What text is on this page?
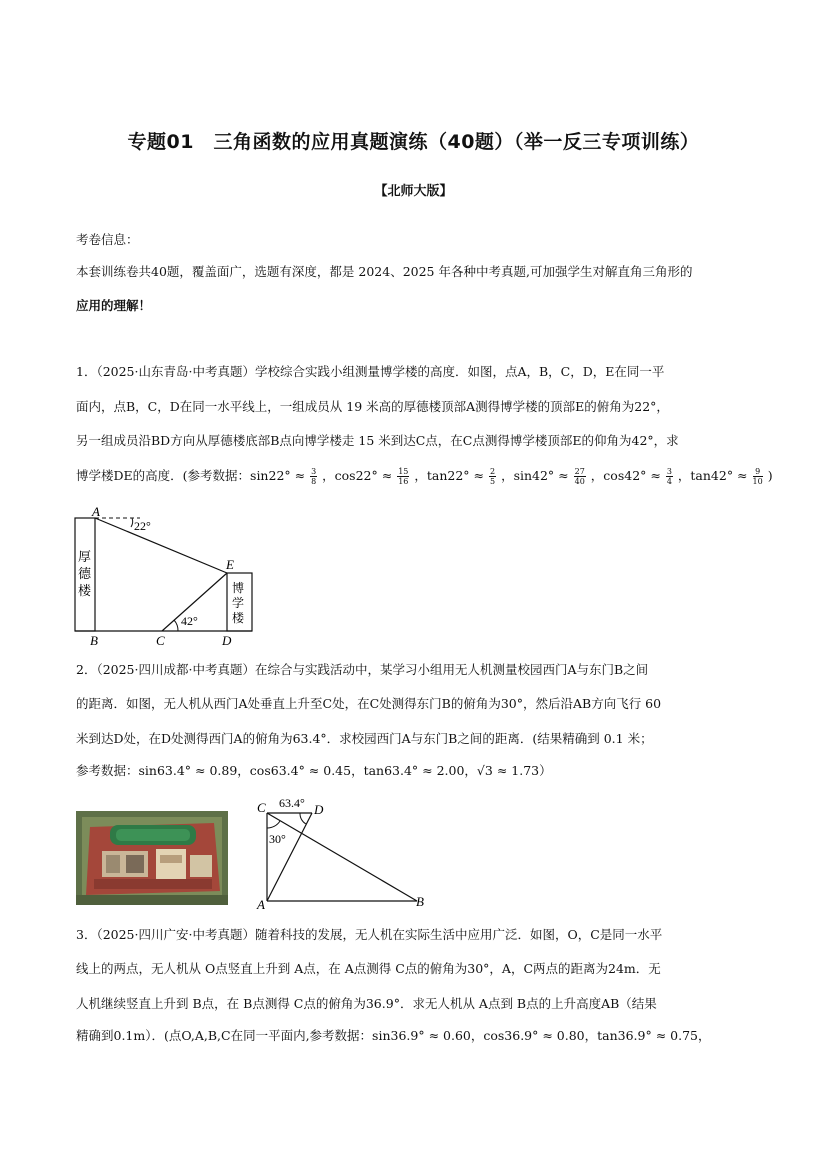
专题01　三角函数的应用真题演练（40题）（举一反三专项训练）
【北师大版】
考卷信息：
本套训练卷共40题，覆盖面广，选题有深度，都是 2024、2025 年各种中考真题,可加强学生对解直角三角形的
应用的理解！
1．（2025·山东青岛·中考真题）学校综合实践小组测量博学楼的高度．如图，点A，B，C，D，E在同一平
面内，点B，C，D在同一水平线上，一组成员从 19 米高的厚德楼顶部A测得博学楼的顶部E的俯角为22°，
另一组成员沿BD方向从厚德楼底部B点向博学楼走 15 米到达C点，在C点测得博学楼顶部E的仰角为42°，求
博学楼DE的高度．(参考数据：$\sin 22^\circ \approx \frac{3}{8}$ ，$\cos 22^\circ \approx \frac{15}{16}$ ，$\tan 22^\circ \approx \frac{2}{5}$ ，$\sin 42^\circ \approx \frac{27}{40}$ ，$\cos 42^\circ \approx \frac{3}{4}$ ，$\tan 42^\circ \approx \frac{9}{10}$ )
厚
德
楼
22°
博
学
楼
42°
A
B	C	D
E
2．（2025·四川成都·中考真题）在综合与实践活动中，某学习小组用无人机测量校园西门A与东门B之间
的距离．如图，无人机从西门A处垂直上升至C处，在C处测得东门B的俯角为30°，然后沿AB方向飞行 60
米到达D处，在D处测得西门A的俯角为63.4°．求校园西门A与东门B之间的距离．(结果精确到 0.1 米；
参考数据：sin63.4° ≈ 0.89，cos63.4° ≈ 0.45，tan63.4° ≈ 2.00，√3 ≈ 1.73）
63.4°
30°
C	D
A	B
3．（2025·四川广安·中考真题）随着科技的发展，无人机在实际生活中应用广泛．如图，O，C是同一水平
线上的两点，无人机从 O点竖直上升到 A点，在 A点测得 C点的俯角为30°，A，C两点的距离为24m．无
人机继续竖直上升到 B点，在 B点测得 C点的俯角为36.9°．求无人机从 A点到 B点的上升高度AB（结果
精确到0.1m）．(点O,A,B,C在同一平面内,参考数据：sin36.9° ≈ 0.60，cos36.9° ≈ 0.80，tan36.9° ≈ 0.75，
